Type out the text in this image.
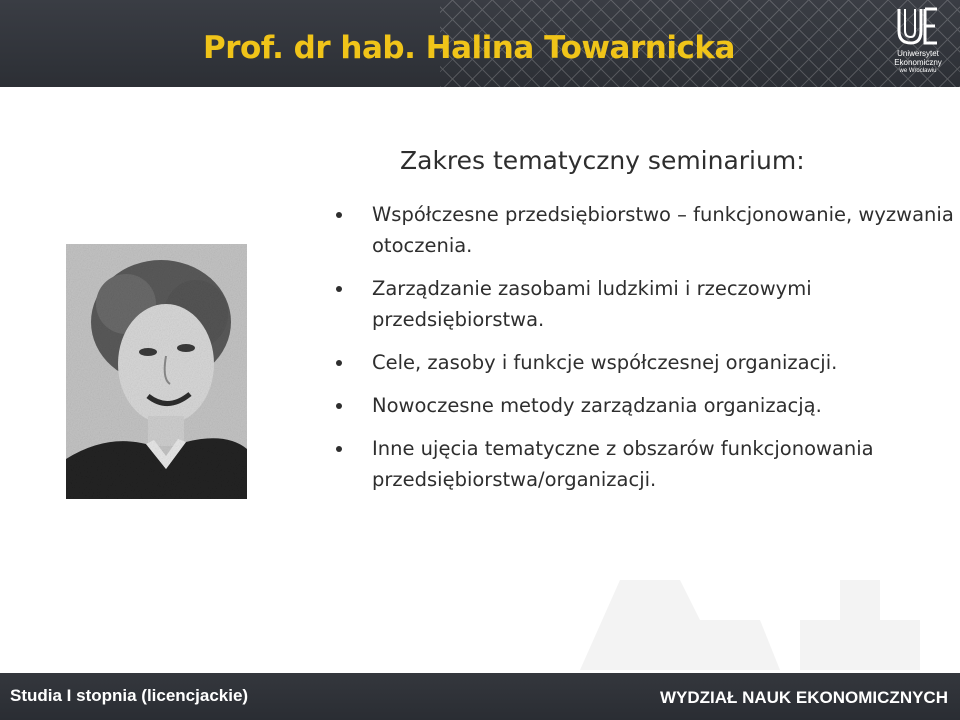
Prof. dr hab. Halina Towarnicka	Uniwersytet
Ekonomiczny
we Wrocławiu
Zakres tematyczny seminarium:
Współczesne przedsiębiorstwo – funkcjonowanie, wyzwania otoczenia.
Zarządzanie zasobami ludzkimi i rzeczowymi przedsiębiorstwa.
Cele, zasoby i funkcje współczesnej organizacji.
Nowoczesne metody zarządzania organizacją.
Inne ujęcia tematyczne z obszarów funkcjonowania przedsiębiorstwa/organizacji.
Studia I stopnia (licencjackie)	WYDZIAŁ NAUK EKONOMICZNYCH
